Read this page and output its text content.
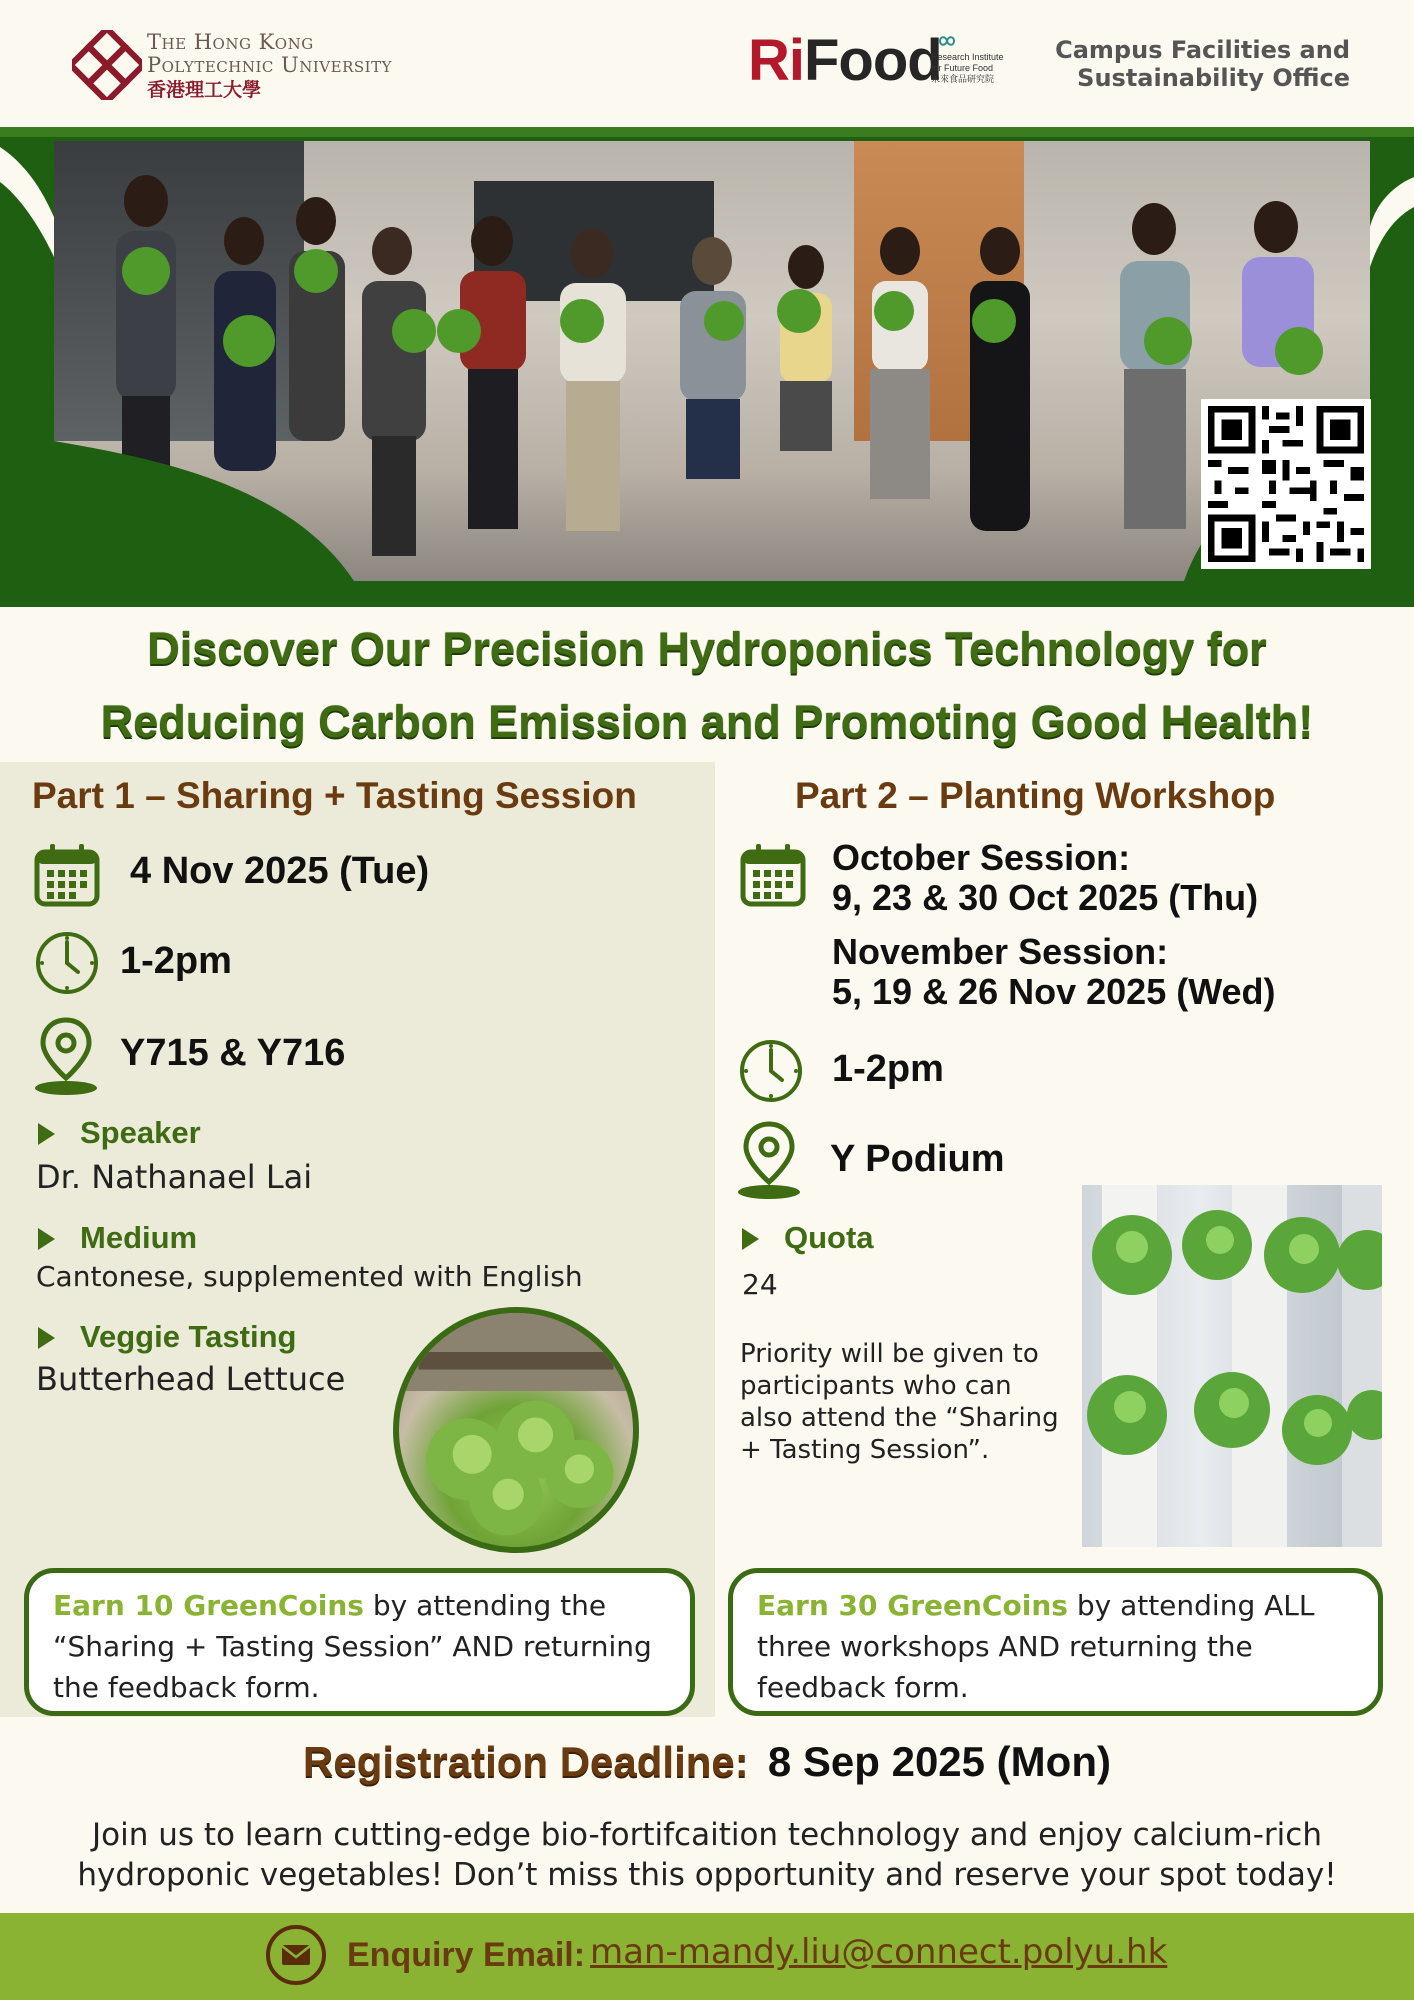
The Hong Kong
Polytechnic University
香港理工大學	RiFood
Research Institute
for Future Food
未來食品研究院
Campus Facilities and
Sustainability Office
Discover Our Precision Hydroponics Technology for
Reducing Carbon Emission and Promoting Good Health!
Part 1 – Sharing + Tasting Session
4 Nov 2025 (Tue)
1-2pm
Y715 & Y716
Speaker
Dr. Nathanael Lai
Medium
Cantonese, supplemented with English
Veggie Tasting
Butterhead Lettuce
Earn 10 GreenCoins by attending the “Sharing + Tasting Session” AND returning the feedback form.
Part 2 – Planting Workshop
October Session:
9, 23 & 30 Oct 2025 (Thu)
November Session:
5, 19 & 26 Nov 2025 (Wed)
1-2pm
Y Podium
Quota
24
Priority will be given to participants who can also attend the “Sharing + Tasting Session”.
Earn 30 GreenCoins by attending ALL three workshops AND returning the feedback form.
Registration Deadline: 8 Sep 2025 (Mon)
Join us to learn cutting-edge bio-fortifcaition technology and enjoy calcium-rich hydroponic vegetables! Don’t miss this opportunity and reserve your spot today!
Enquiry Email: man-mandy.liu@connect.polyu.hk
